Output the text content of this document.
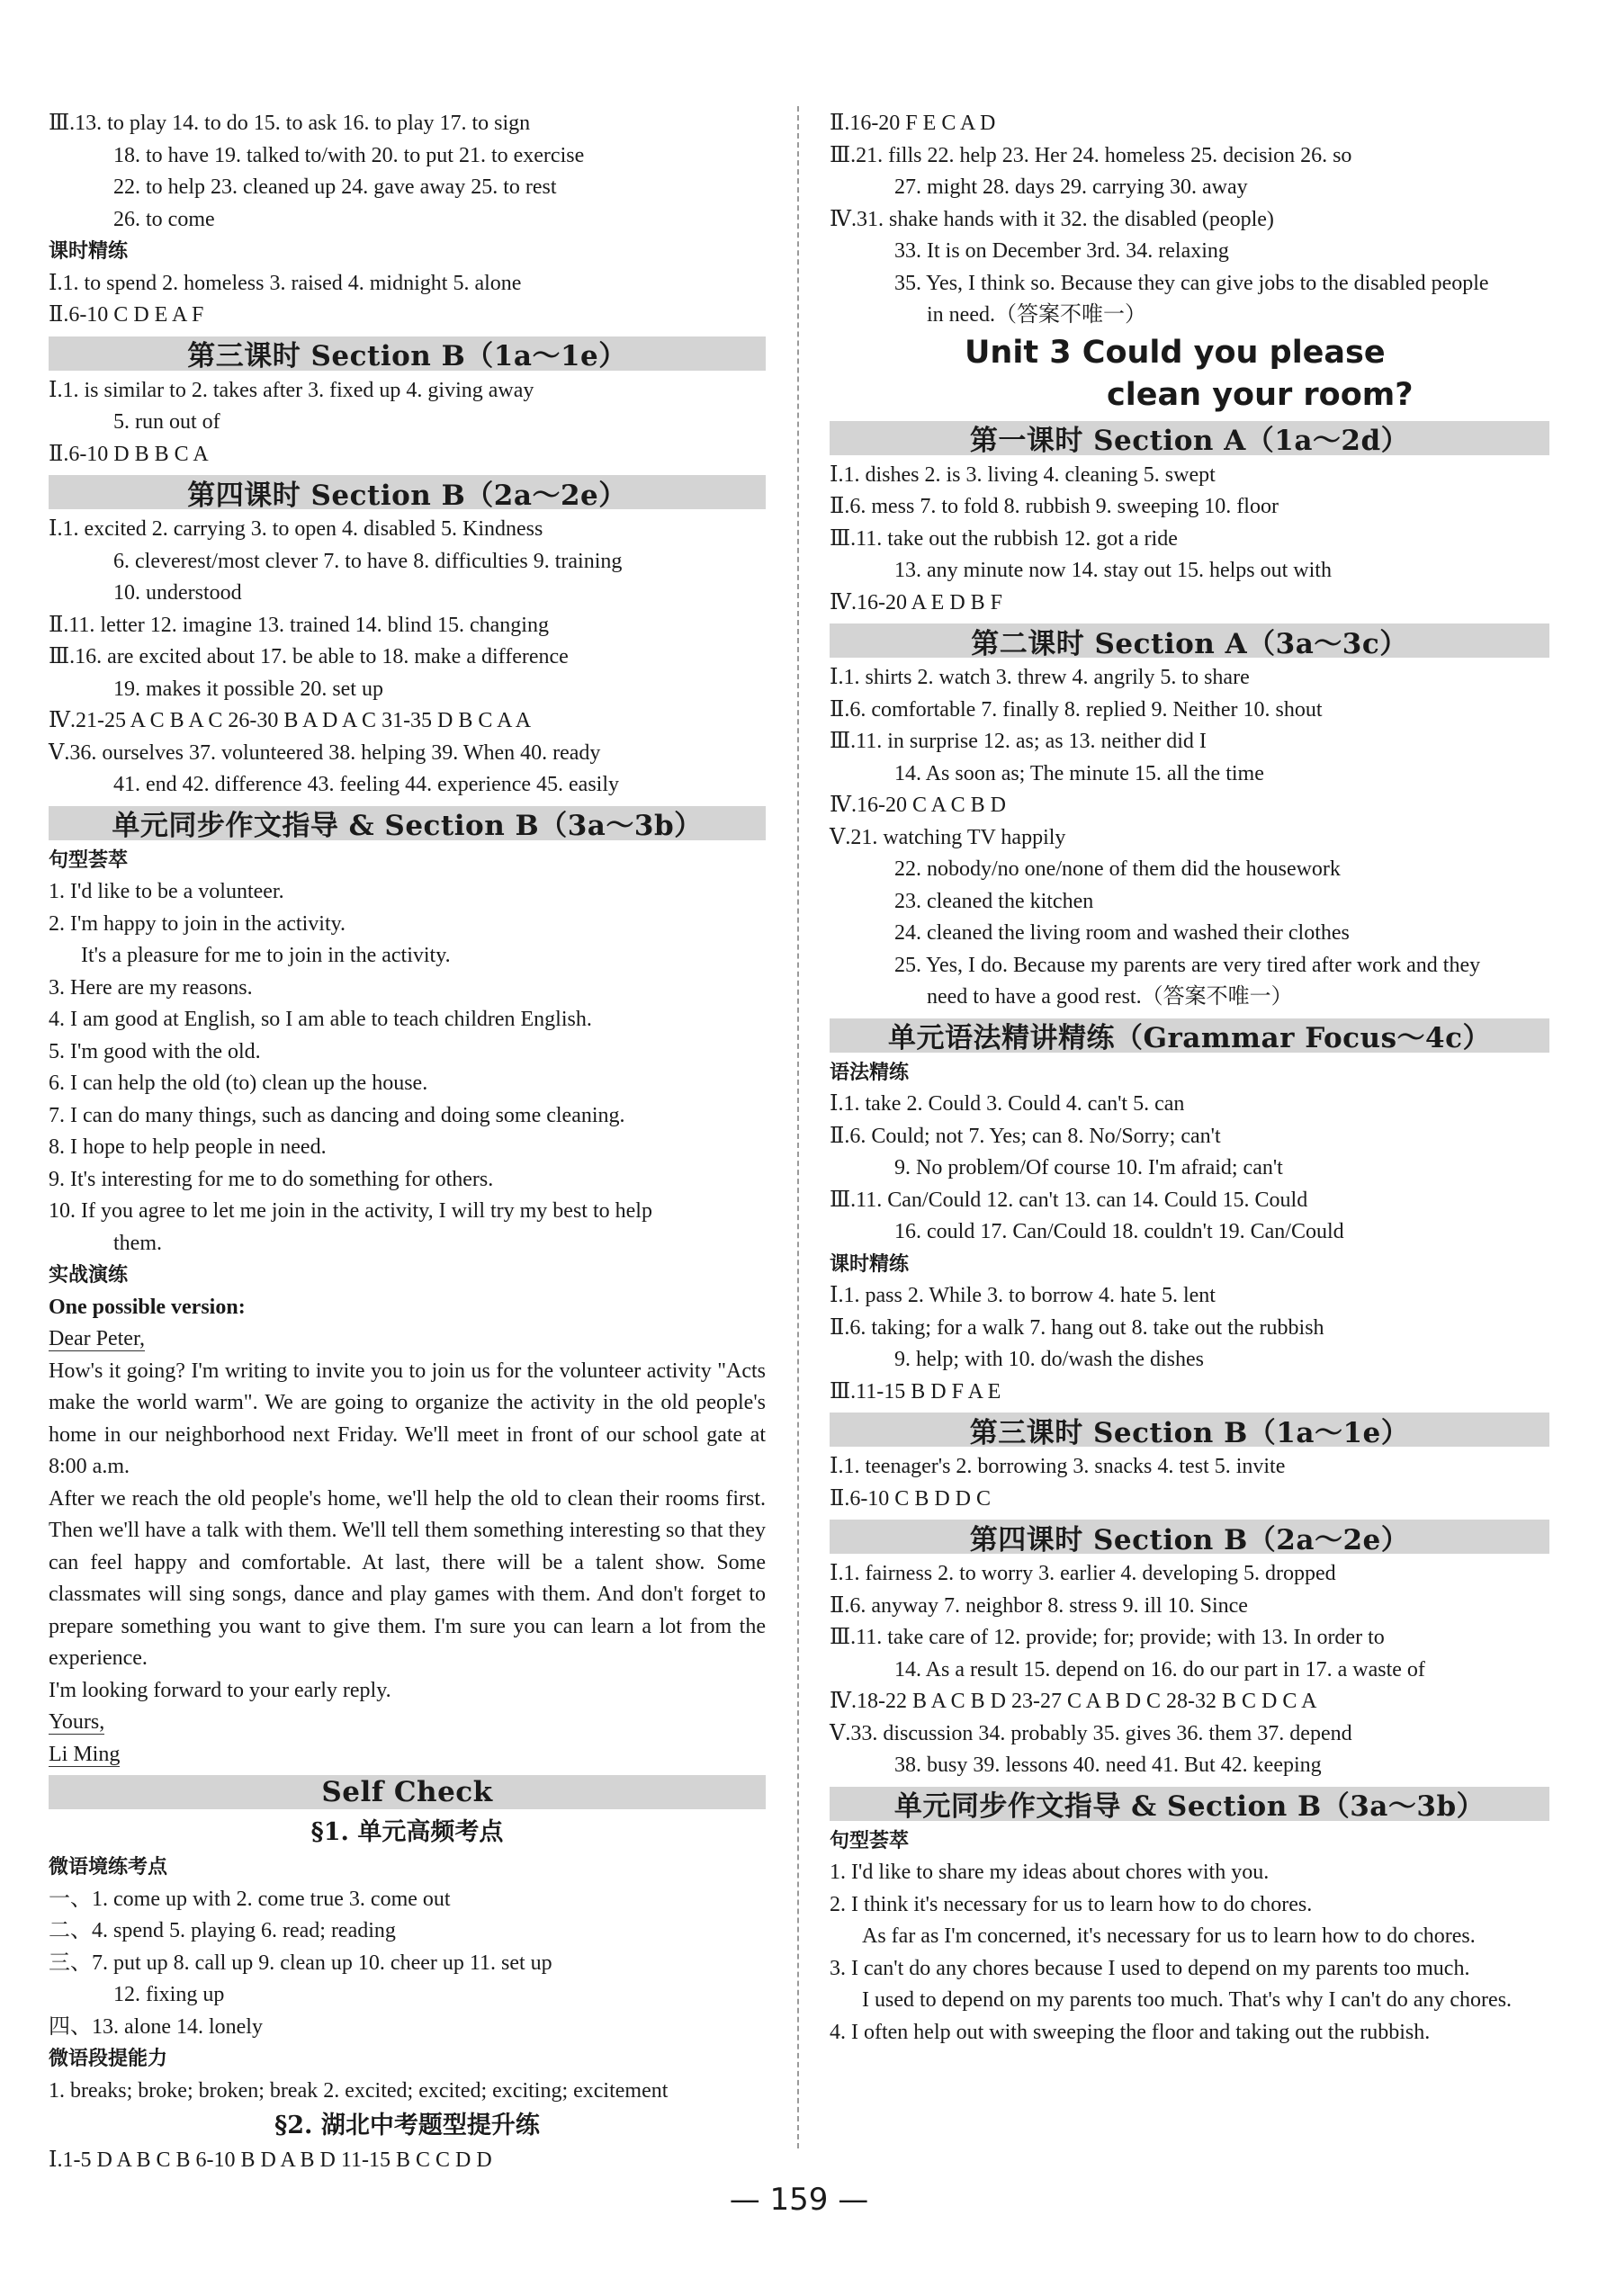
Ⅲ.13. to play 14. to do 15. to ask 16. to play 17. to sign
18. to have 19. talked to/with 20. to put 21. to exercise
22. to help 23. cleaned up 24. gave away 25. to rest
26. to come
课时精练
Ⅰ.1. to spend 2. homeless 3. raised 4. midnight 5. alone
Ⅱ.6-10 C D E A F
第三课时 Section B（1a～1e）
Ⅰ.1. is similar to 2. takes after 3. fixed up 4. giving away
5. run out of
Ⅱ.6-10 D B B C A
第四课时 Section B（2a～2e）
Ⅰ.1. excited 2. carrying 3. to open 4. disabled 5. Kindness
6. cleverest/most clever 7. to have 8. difficulties 9. training
10. understood
Ⅱ.11. letter 12. imagine 13. trained 14. blind 15. changing
Ⅲ.16. are excited about 17. be able to 18. make a difference
19. makes it possible 20. set up
Ⅳ.21-25 A C B A C 26-30 B A D A C 31-35 D B C A A
Ⅴ.36. ourselves 37. volunteered 38. helping 39. When 40. ready
41. end 42. difference 43. feeling 44. experience 45. easily
单元同步作文指导 & Section B（3a～3b）
句型荟萃
1. I'd like to be a volunteer.
2. I'm happy to join in the activity.
It's a pleasure for me to join in the activity.
3. Here are my reasons.
4. I am good at English, so I am able to teach children English.
5. I'm good with the old.
6. I can help the old (to) clean up the house.
7. I can do many things, such as dancing and doing some cleaning.
8. I hope to help people in need.
9. It's interesting for me to do something for others.
10. If you agree to let me join in the activity, I will try my best to help
them.
实战演练
One possible version:
Dear Peter,
How's it going? I'm writing to invite you to join us for the volunteer activity "Acts make the world warm". We are going to organize the activity in the old people's home in our neighborhood next Friday. We'll meet in front of our school gate at 8:00 a.m.
After we reach the old people's home, we'll help the old to clean their rooms first. Then we'll have a talk with them. We'll tell them something interesting so that they can feel happy and comfortable. At last, there will be a talent show. Some classmates will sing songs, dance and play games with them. And don't forget to prepare something you want to give them. I'm sure you can learn a lot from the experience.
I'm looking forward to your early reply.
Yours,
Li Ming
Self Check
§1. 单元高频考点
微语境练考点
一、1. come up with 2. come true 3. come out
二、4. spend 5. playing 6. read; reading
三、7. put up 8. call up 9. clean up 10. cheer up 11. set up
12. fixing up
四、13. alone 14. lonely
微语段提能力
1. breaks; broke; broken; break 2. excited; excited; exciting; excitement
§2. 湖北中考题型提升练
Ⅰ.1-5 D A B C B 6-10 B D A B D 11-15 B C C D D
Ⅱ.16-20 F E C A D
Ⅲ.21. fills 22. help 23. Her 24. homeless 25. decision 26. so
27. might 28. days 29. carrying 30. away
Ⅳ.31. shake hands with it 32. the disabled (people)
33. It is on December 3rd. 34. relaxing
35. Yes, I think so. Because they can give jobs to the disabled people
in need.（答案不唯一）
Unit 3 Could you please
clean your room?
第一课时 Section A（1a～2d）
Ⅰ.1. dishes 2. is 3. living 4. cleaning 5. swept
Ⅱ.6. mess 7. to fold 8. rubbish 9. sweeping 10. floor
Ⅲ.11. take out the rubbish 12. got a ride
13. any minute now 14. stay out 15. helps out with
Ⅳ.16-20 A E D B F
第二课时 Section A（3a～3c）
Ⅰ.1. shirts 2. watch 3. threw 4. angrily 5. to share
Ⅱ.6. comfortable 7. finally 8. replied 9. Neither 10. shout
Ⅲ.11. in surprise 12. as; as 13. neither did I
14. As soon as; The minute 15. all the time
Ⅳ.16-20 C A C B D
Ⅴ.21. watching TV happily
22. nobody/no one/none of them did the housework
23. cleaned the kitchen
24. cleaned the living room and washed their clothes
25. Yes, I do. Because my parents are very tired after work and they
need to have a good rest.（答案不唯一）
单元语法精讲精练（Grammar Focus～4c）
语法精练
Ⅰ.1. take 2. Could 3. Could 4. can't 5. can
Ⅱ.6. Could; not 7. Yes; can 8. No/Sorry; can't
9. No problem/Of course 10. I'm afraid; can't
Ⅲ.11. Can/Could 12. can't 13. can 14. Could 15. Could
16. could 17. Can/Could 18. couldn't 19. Can/Could
课时精练
Ⅰ.1. pass 2. While 3. to borrow 4. hate 5. lent
Ⅱ.6. taking; for a walk 7. hang out 8. take out the rubbish
9. help; with 10. do/wash the dishes
Ⅲ.11-15 B D F A E
第三课时 Section B（1a～1e）
Ⅰ.1. teenager's 2. borrowing 3. snacks 4. test 5. invite
Ⅱ.6-10 C B D D C
第四课时 Section B（2a～2e）
Ⅰ.1. fairness 2. to worry 3. earlier 4. developing 5. dropped
Ⅱ.6. anyway 7. neighbor 8. stress 9. ill 10. Since
Ⅲ.11. take care of 12. provide; for; provide; with 13. In order to
14. As a result 15. depend on 16. do our part in 17. a waste of
Ⅳ.18-22 B A C B D 23-27 C A B D C 28-32 B C D C A
Ⅴ.33. discussion 34. probably 35. gives 36. them 37. depend
38. busy 39. lessons 40. need 41. But 42. keeping
单元同步作文指导 & Section B（3a～3b）
句型荟萃
1. I'd like to share my ideas about chores with you.
2. I think it's necessary for us to learn how to do chores.
As far as I'm concerned, it's necessary for us to learn how to do chores.
3. I can't do any chores because I used to depend on my parents too much.
I used to depend on my parents too much. That's why I can't do any chores.
4. I often help out with sweeping the floor and taking out the rubbish.
— 159 —
